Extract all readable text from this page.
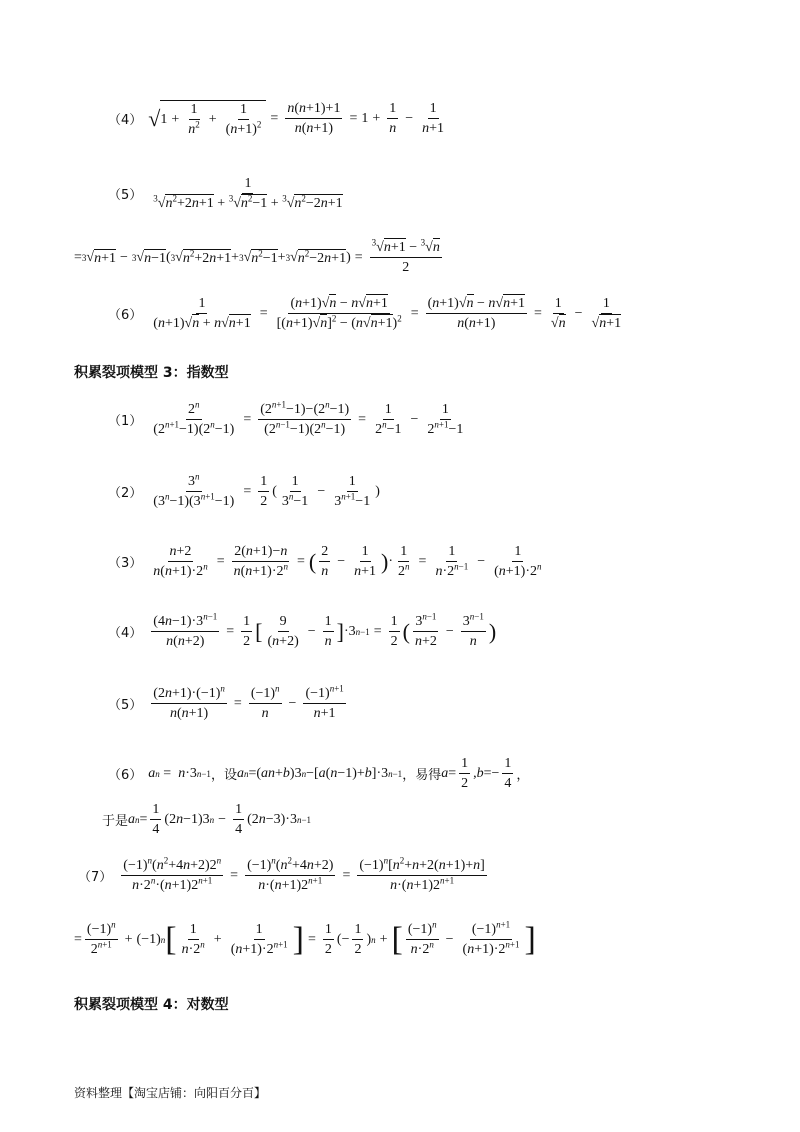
（4） √ $1 + \frac{1}{n^2} + \frac{1}{(n+1)^2} = \frac{n(n+1)+1}{n(n+1)} = 1 + \frac{1}{n} - \frac{1}{n+1}$
$(5) \frac{1}{^3√n^2+2n+1 + ^3√n^2-1 + ^3√n^2-2n+1}$
= 3 √ n+1 − 3 √ n−1 ( 3 √ $n^2+2n+1 + 3$ √ $n^2-1 + 3$ √ $n^2-2n+1$ ) = $\frac{^3√n+1 - ^3√n}{2}$
$(6) \frac{1}{(n+1)√n + n√n+1} = \frac{(n+1)√n - n√n+1}{[(n+1)√n]^2 - (n√n+1)^2} = \frac{(n+1)√n - n√n+1}{n(n+1)} = \frac{1}{√n} - \frac{1}{√n+1}$
积累裂项模型 3：指数型
$(1) \frac{2^n}{(2^{n+1}-1)(2^n-1)} = \frac{(2^{n+1}-1)-(2^n-1)}{(2^{n-1}-1)(2^n-1)} = \frac{1}{2^n-1} - \frac{1}{2^{n+1}-1}$
$(2) \frac{3^n}{(3^n-1)(3^{n+1}-1)} = \frac{1}{2}$ ( $\frac{1}{3^n-1} - \frac{1}{3^{n+1}-1}$ )
$(3) \frac{n+2}{n(n+1)\cdot 2^n} = \frac{2(n+1)-n}{n(n+1)\cdot 2^n}$ = ( $\frac{2}{n} - \frac{1}{n+1}$ ) · $\frac{1}{2^n} = \frac{1}{n\cdot 2^{n-1}} - \frac{1}{(n+1)\cdot 2^n}$
$(4) \frac{(4n-1)\cdot 3^{n-1}}{n(n+2)} = \frac{1}{2}$ [ $\frac{9}{(n+2)} - \frac{1}{n}$ ] ·3 $n-1 = \frac{1}{2}$ ( $\frac{3^{n-1}}{n+2} - \frac{3^{n-1}}{n}$ )
$(5) \frac{(2n+1)\cdot(-1)^n}{n(n+1)} = \frac{(-1)^n}{n} - \frac{(-1)^{n+1}}{n+1}$
（6） a n = n ·3 n−1 ，设 a n =( an + b )3 n −[ a ( n −1)+ b ]·3 n−1 ，易得 $a = \frac{1}{2}$ , $b =- \frac{1}{4}$ ，
于是 a $n = \frac{1}{4} (2$ n −1)3 $n - \frac{1}{4} (2$ n −3)·3 n−1
$(7) \frac{(-1)^n(n^2+4n+2)2^n}{n\cdot 2^n\cdot(n+1)2^{n+1}} = \frac{(-1)^n(n^2+4n+2)}{n\cdot(n+1)2^{n+1}} = \frac{(-1)^n[n^2+n+2(n+1)+n]}{n\cdot(n+1)2^{n+1}}$
= $\frac{(-1)^n}{2^{n+1}} + (-1)$ n [ $\frac{1}{n\cdot 2^n} + \frac{1}{(n+1)\cdot 2^{n+1}}$ ] = $\frac{1}{2}$ (− $\frac{1}{2}$ ) n + [ $\frac{(-1)^n}{n\cdot 2^n} - \frac{(-1)^{n+1}}{(n+1)\cdot 2^{n+1}}$ ]
积累裂项模型 4：对数型
资料整理【淘宝店铺：向阳百分百】
